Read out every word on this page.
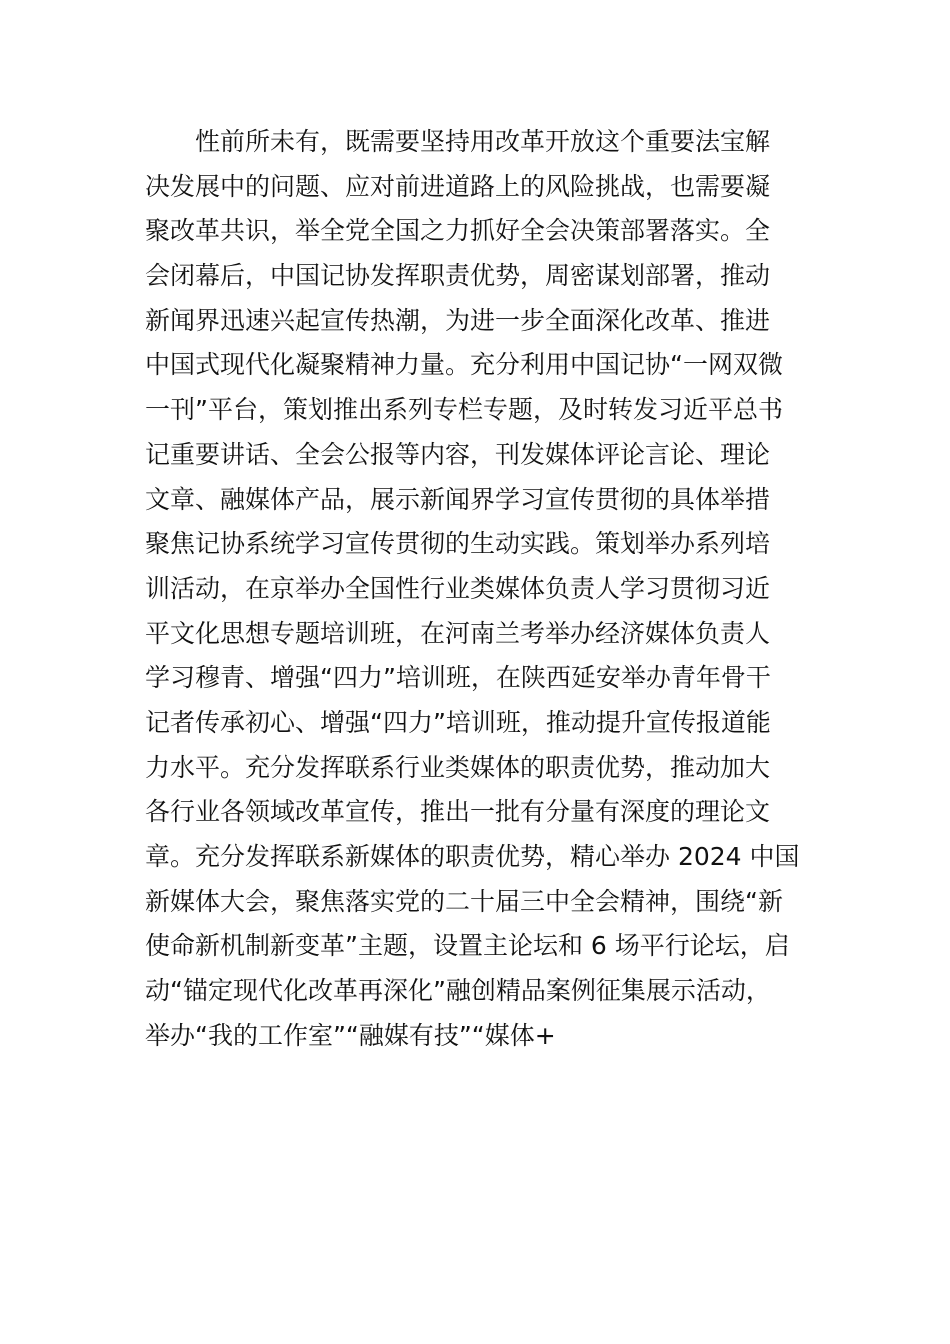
性前所未有，既需要坚持用改革开放这个重要法宝解
决发展中的问题、应对前进道路上的风险挑战，也需要凝
聚改革共识，举全党全国之力抓好全会决策部署落实。全
会闭幕后，中国记协发挥职责优势，周密谋划部署，推动
新闻界迅速兴起宣传热潮，为进一步全面深化改革、推进
中国式现代化凝聚精神力量。充分利用中国记协“一网双微
一刊”平台，策划推出系列专栏专题，及时转发习近平总书
记重要讲话、全会公报等内容，刊发媒体评论言论、理论
文章、融媒体产品，展示新闻界学习宣传贯彻的具体举措
聚焦记协系统学习宣传贯彻的生动实践。策划举办系列培
训活动，在京举办全国性行业类媒体负责人学习贯彻习近
平文化思想专题培训班，在河南兰考举办经济媒体负责人
学习穆青、增强“四力”培训班，在陕西延安举办青年骨干
记者传承初心、增强“四力”培训班，推动提升宣传报道能
力水平。充分发挥联系行业类媒体的职责优势，推动加大
各行业各领域改革宣传，推出一批有分量有深度的理论文
章。充分发挥联系新媒体的职责优势，精心举办 2024 中国
新媒体大会，聚焦落实党的二十届三中全会精神，围绕“新
使命新机制新变革”主题，设置主论坛和 6 场平行论坛，启
动“锚定现代化改革再深化”融创精品案例征集展示活动，
举办“我的工作室”“融媒有技”“媒体+
